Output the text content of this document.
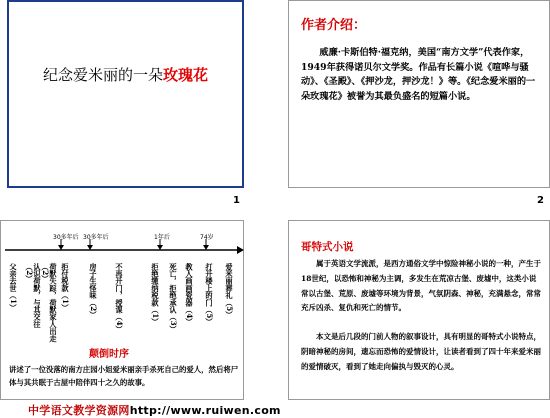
纪念爱米丽的一朵玫瑰花
1
作者介绍：
威廉·卡斯伯特·福克纳，美国“南方文学”代表作家，1949年获得诺贝尔文学奖。作品有长篇小说《喧哗与骚动》、《圣殿》、《押沙龙，押沙龙！》等。《纪念爱米丽的一朵玫瑰花》被誉为其最负盛名的短篇小说。
2
30多年后 30多年后	1年后	74岁
父亲去世（1）	认识荷默，与其交往（2）	荷默失踪，荷默家人出走（2）	拒付税款（1）	房子生怪味（2） 不再开门，授课（4）	拒绝缴纳税款（1） 死亡，拒绝承认（3） 教人画画瓷器（4） 打开楼上的门（5） 爱米丽葬礼（5）
颠倒时序
讲述了一位没落的南方庄园小姐爱米丽亲手杀死自己的爱人，然后将尸体与其共眠于古屋中陪伴四十之久的故事。
哥特式小说
属于英语文学流派，是西方通俗文学中惊险神秘小说的一种，产生于18世纪，以恐怖和神秘为主调，多发生在荒凉古堡、废墟中，这类小说常以古堡、荒原、废墟等环境为背景，气氛阴森、神秘，充满悬念，常常充斥凶杀、复仇和死亡的情节。
本文是后几段的门前人物的叙事设计，具有明显的哥特式小说特点，阴暗神秘的房间，遗忘而恐怖的爱情设计，让读者看到了四十年来爱米丽的爱情破灭，看到了她走向偏执与毁灭的心灵。
中学语文教学资源网http://www.ruiwen.com
